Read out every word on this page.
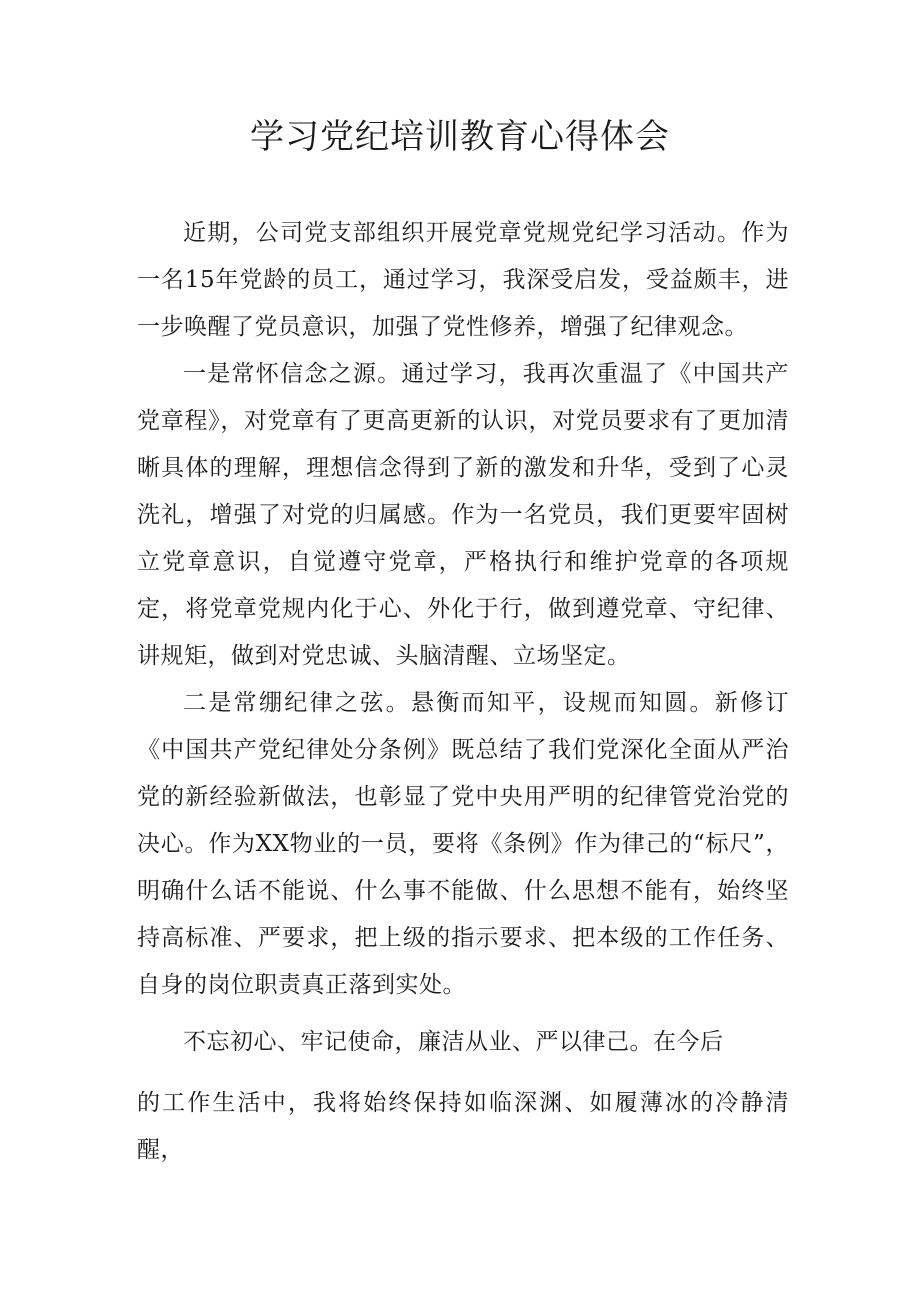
学习党纪培训教育心得体会

近期，公司党支部组织开展党章党规党纪学习活动。作为一名15年党龄的员工，通过学习，我深受启发，受益颇丰，进一步唤醒了党员意识，加强了党性修养，增强了纪律观念。

一是常怀信念之源。通过学习，我再次重温了《中国共产党章程》，对党章有了更高更新的认识，对党员要求有了更加清晰具体的理解，理想信念得到了新的激发和升华，受到了心灵洗礼，增强了对党的归属感。作为一名党员，我们更要牢固树立党章意识，自觉遵守党章，严格执行和维护党章的各项规定，将党章党规内化于心、外化于行，做到遵党章、守纪律、讲规矩，做到对党忠诚、头脑清醒、立场坚定。

二是常绷纪律之弦。悬衡而知平，设规而知圆。新修订《中国共产党纪律处分条例》既总结了我们党深化全面从严治党的新经验新做法，也彰显了党中央用严明的纪律管党治党的决心。作为XX物业的一员，要将《条例》作为律己的“标尺”，明确什么话不能说、什么事不能做、什么思想不能有，始终坚持高标准、严要求，把上级的指示要求、把本级的工作任务、自身的岗位职责真正落到实处。

不忘初心、牢记使命，廉洁从业、严以律己。在今后

的工作生活中，我将始终保持如临深渊、如履薄冰的冷静清醒，
